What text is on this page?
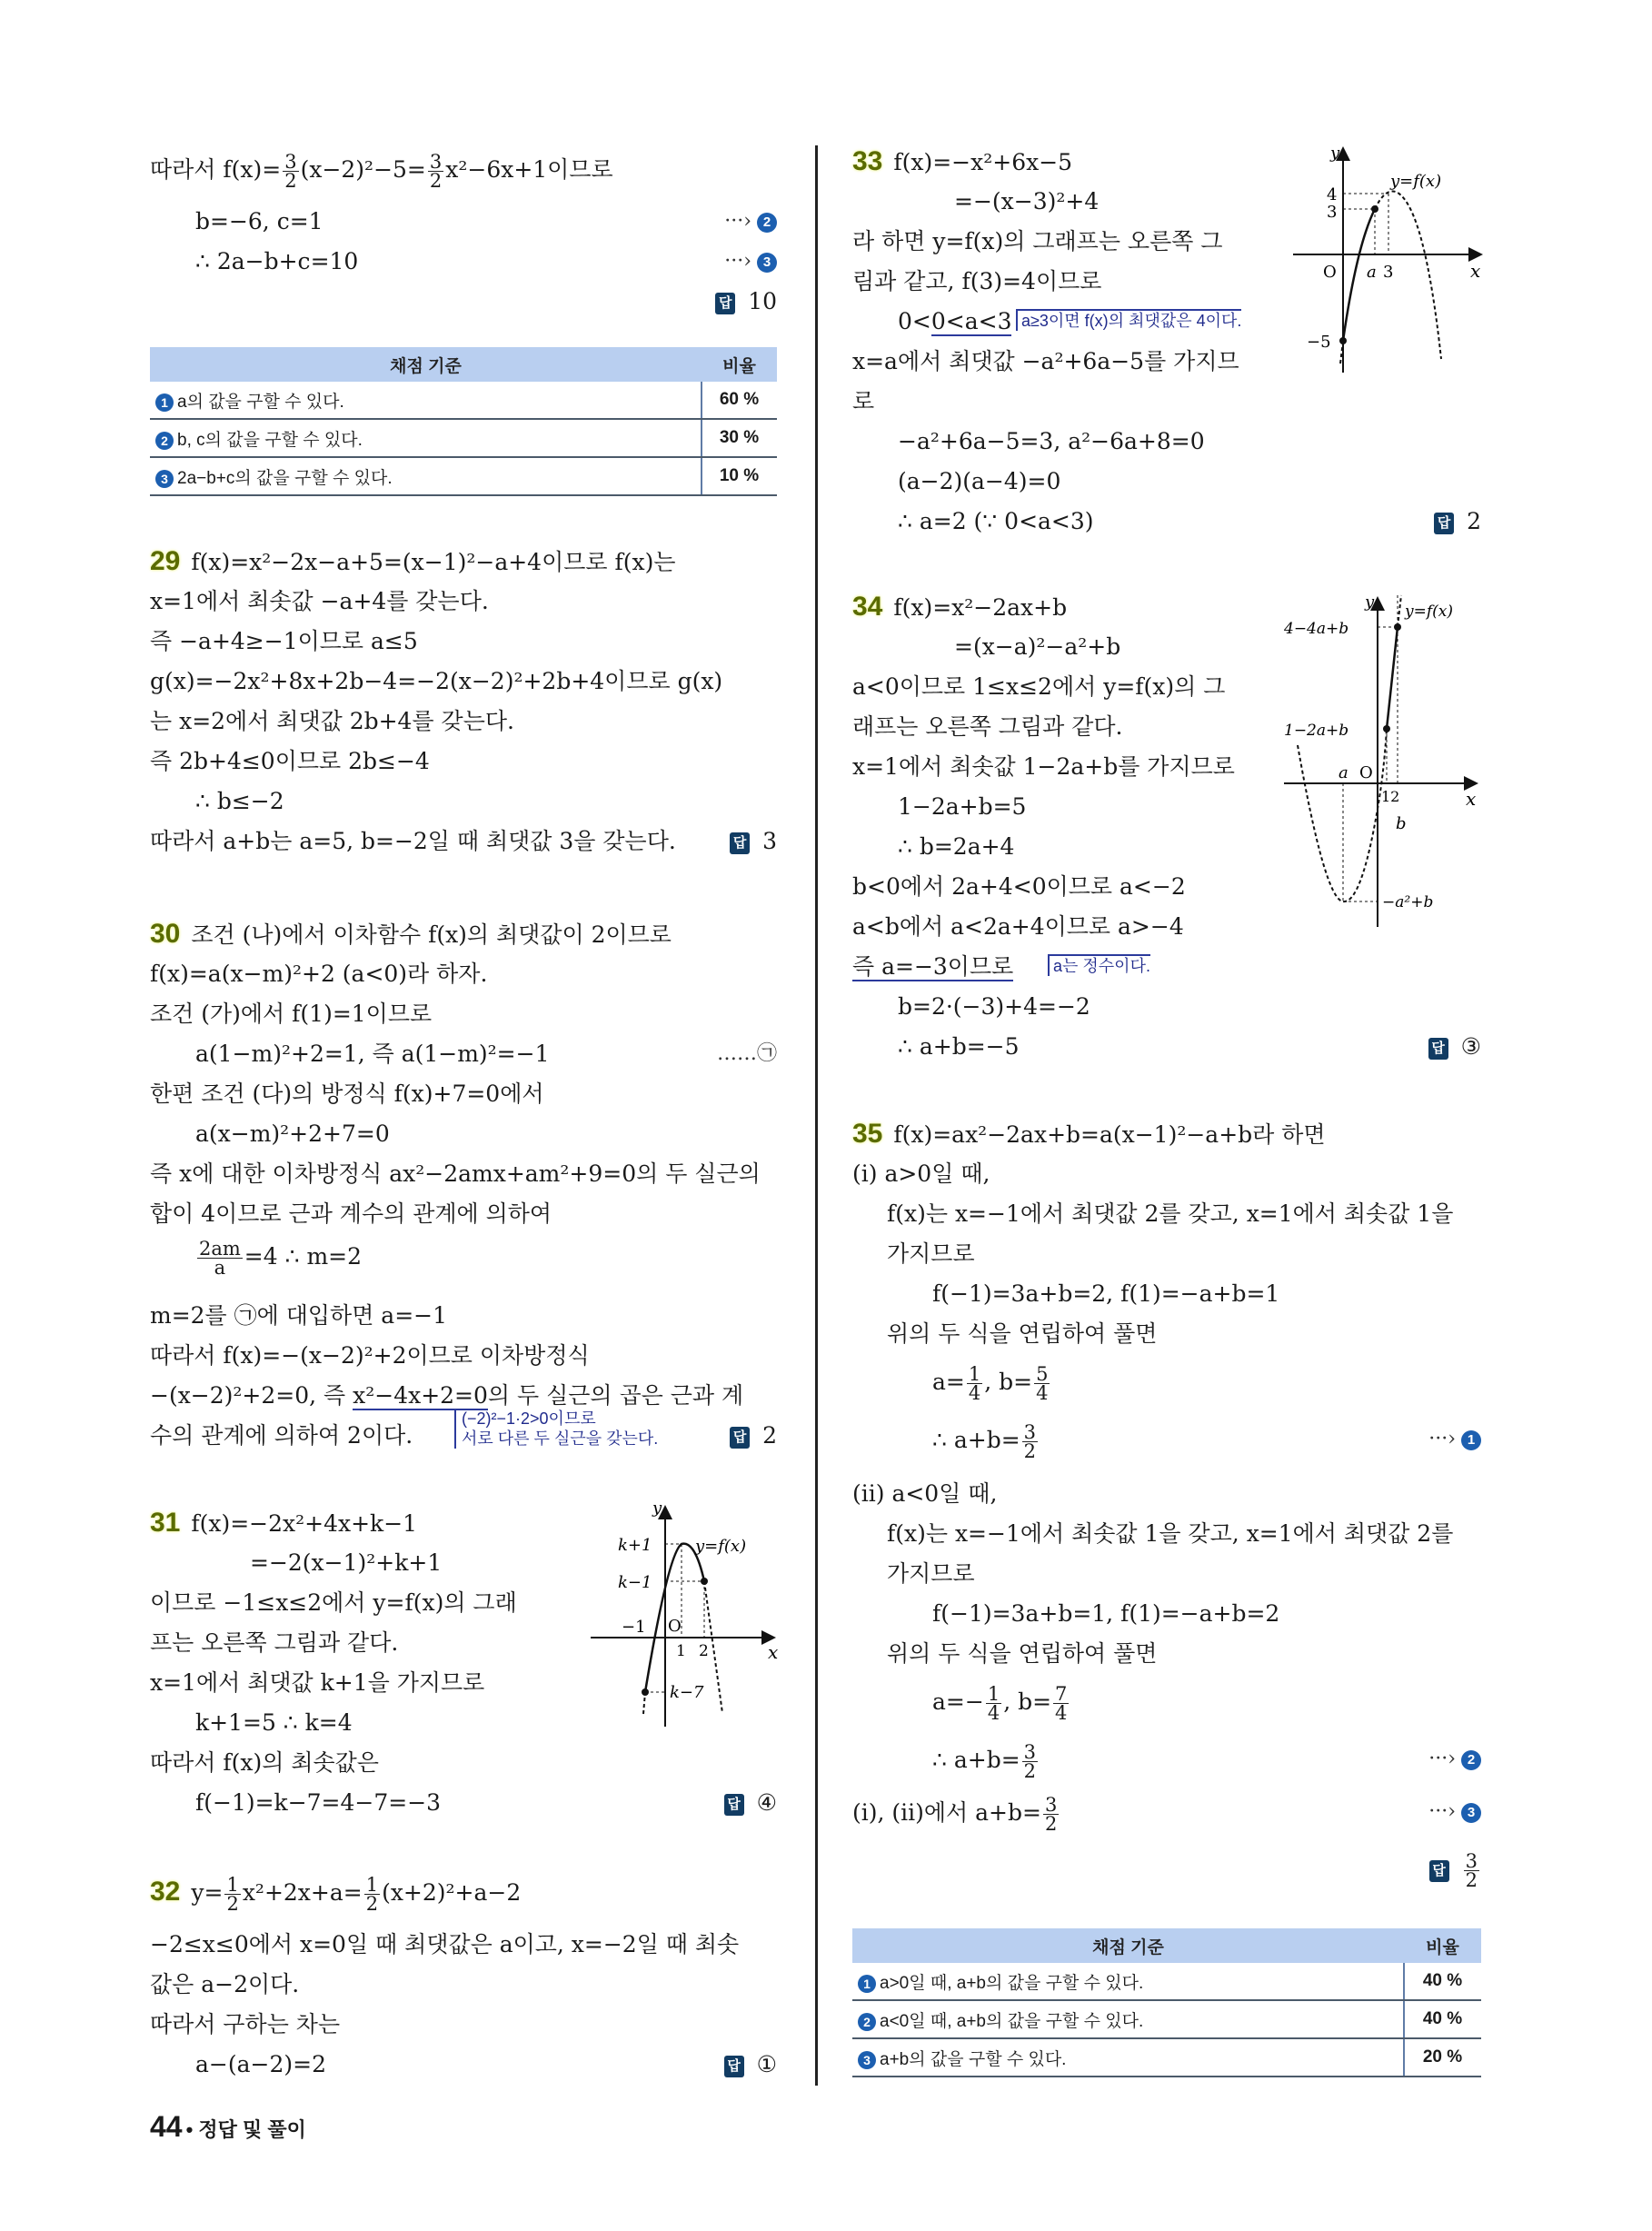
따라서 $f(x)= \frac{3}{2} (x-2)^2-5= \frac{3}{2} x^2-6x+1$이므로
b=−6, c=1	···› 2
∴ 2a−b+c=10	···› 3
답 10
채점 기준	비율
1 a의 값을 구할 수 있다.	60 %
2 b, c의 값을 구할 수 있다.	30 %
3 2a−b+c의 값을 구할 수 있다.	10 %
29 f(x)=x²−2x−a+5=(x−1)²−a+4이므로 f(x)는
x=1에서 최솟값 −a+4를 갖는다.
즉 −a+4≥−1이므로 a≤5
g(x)=−2x²+8x+2b−4=−2(x−2)²+2b+4이므로 g(x)
는 x=2에서 최댓값 2b+4를 갖는다.
즉 2b+4≤0이므로 2b≤−4
∴ b≤−2
따라서 a+b는 a=5, b=−2일 때 최댓값 3을 갖는다.	답 3
30 조건 (나)에서 이차함수 f(x)의 최댓값이 2이므로
f(x)=a(x−m)²+2 (a<0)라 하자.
조건 (가)에서 f(1)=1이므로
a(1−m)²+2=1, 즉 a(1−m)²=−1	……㉠
한편 조건 (다)의 방정식 f(x)+7=0에서
a(x−m)²+2+7=0
즉 x에 대한 이차방정식 ax²−2amx+am²+9=0의 두 실근의
합이 4이므로 근과 계수의 관계에 의하여
$\frac{2am}{a} =4$ ∴ m=2
m=2를 ㉠에 대입하면 a=−1
따라서 f(x)=−(x−2)²+2이므로 이차방정식
−(x−2)²+2=0, 즉 x²−4x+2=0의 두 실근의 곱은 근과 계
수의 관계에 의하여 2이다.
(−2)²−1·2>0이므로
서로 다른 두 실근을 갖는다.	답 2
31 f(x)=−2x²+4x+k−1
=−2(x−1)²+k+1
이므로 −1≤x≤2에서 y=f(x)의 그래
프는 오른쪽 그림과 같다.
x=1에서 최댓값 k+1을 가지므로
k+1=5 ∴ k=4
따라서 f(x)의 최솟값은
f(−1)=k−7=4−7=−3	답 ④
y
x
O
y=f(x)
k+1
k−1
k−7
−1
1 2
32 $y= \frac{1}{2} x^2+2x+a= \frac{1}{2} (x+2)^2+a-2$
−2≤x≤0에서 x=0일 때 최댓값은 a이고, x=−2일 때 최솟
값은 a−2이다.
따라서 구하는 차는
a−(a−2)=2	답 ①
33 f(x)=−x²+6x−5
=−(x−3)²+4
라 하면 y=f(x)의 그래프는 오른쪽 그
림과 같고, f(3)=4이므로
0<0<a<3 a≥3이면 f(x)의 최댓값은 4이다.
x=a에서 최댓값 −a²+6a−5를 가지므
로
−a²+6a−5=3, a²−6a+8=0
(a−2)(a−4)=0
∴ a=2 (∵ 0<a<3)	답 2
y
x
O
y=f(x)
4
3
−5
a 3
34 f(x)=x²−2ax+b
=(x−a)²−a²+b
a<0이므로 1≤x≤2에서 y=f(x)의 그
래프는 오른쪽 그림과 같다.
x=1에서 최솟값 1−2a+b를 가지므로
1−2a+b=5
∴ b=2a+4
b<0에서 2a+4<0이므로 a<−2
a<b에서 a<2a+4이므로 a>−4
즉 a=−3이므로	a는 정수이다.
b=2·(−3)+4=−2
∴ a+b=−5	답 ③
y
x
O
y=f(x)
4−4a+b
1−2a+b
−a²+b
a
b
12
35 f(x)=ax²−2ax+b=a(x−1)²−a+b라 하면
(i) a>0일 때,
f(x)는 x=−1에서 최댓값 2를 갖고, x=1에서 최솟값 1을
가지므로
f(−1)=3a+b=2, f(1)=−a+b=1
위의 두 식을 연립하여 풀면
$a= \frac{1}{4}$ , $b= \frac{5}{4}$
∴ $a+b= \frac{3}{2}$	···› 1
(ii) a<0일 때,
f(x)는 x=−1에서 최솟값 1을 갖고, x=1에서 최댓값 2를
가지므로
f(−1)=3a+b=1, f(1)=−a+b=2
위의 두 식을 연립하여 풀면
$a=- \frac{1}{4}$ , $b= \frac{7}{4}$
∴ $a+b= \frac{3}{2}$	···› 2
(i), (ii)에서 $a+b= \frac{3}{2}$	···› 3
답 $\frac{3}{2}$
채점 기준	비율
1 a>0일 때, a+b의 값을 구할 수 있다.	40 %
2 a<0일 때, a+b의 값을 구할 수 있다.	40 %
3 a+b의 값을 구할 수 있다.	20 %
44 • 정답 및 풀이
